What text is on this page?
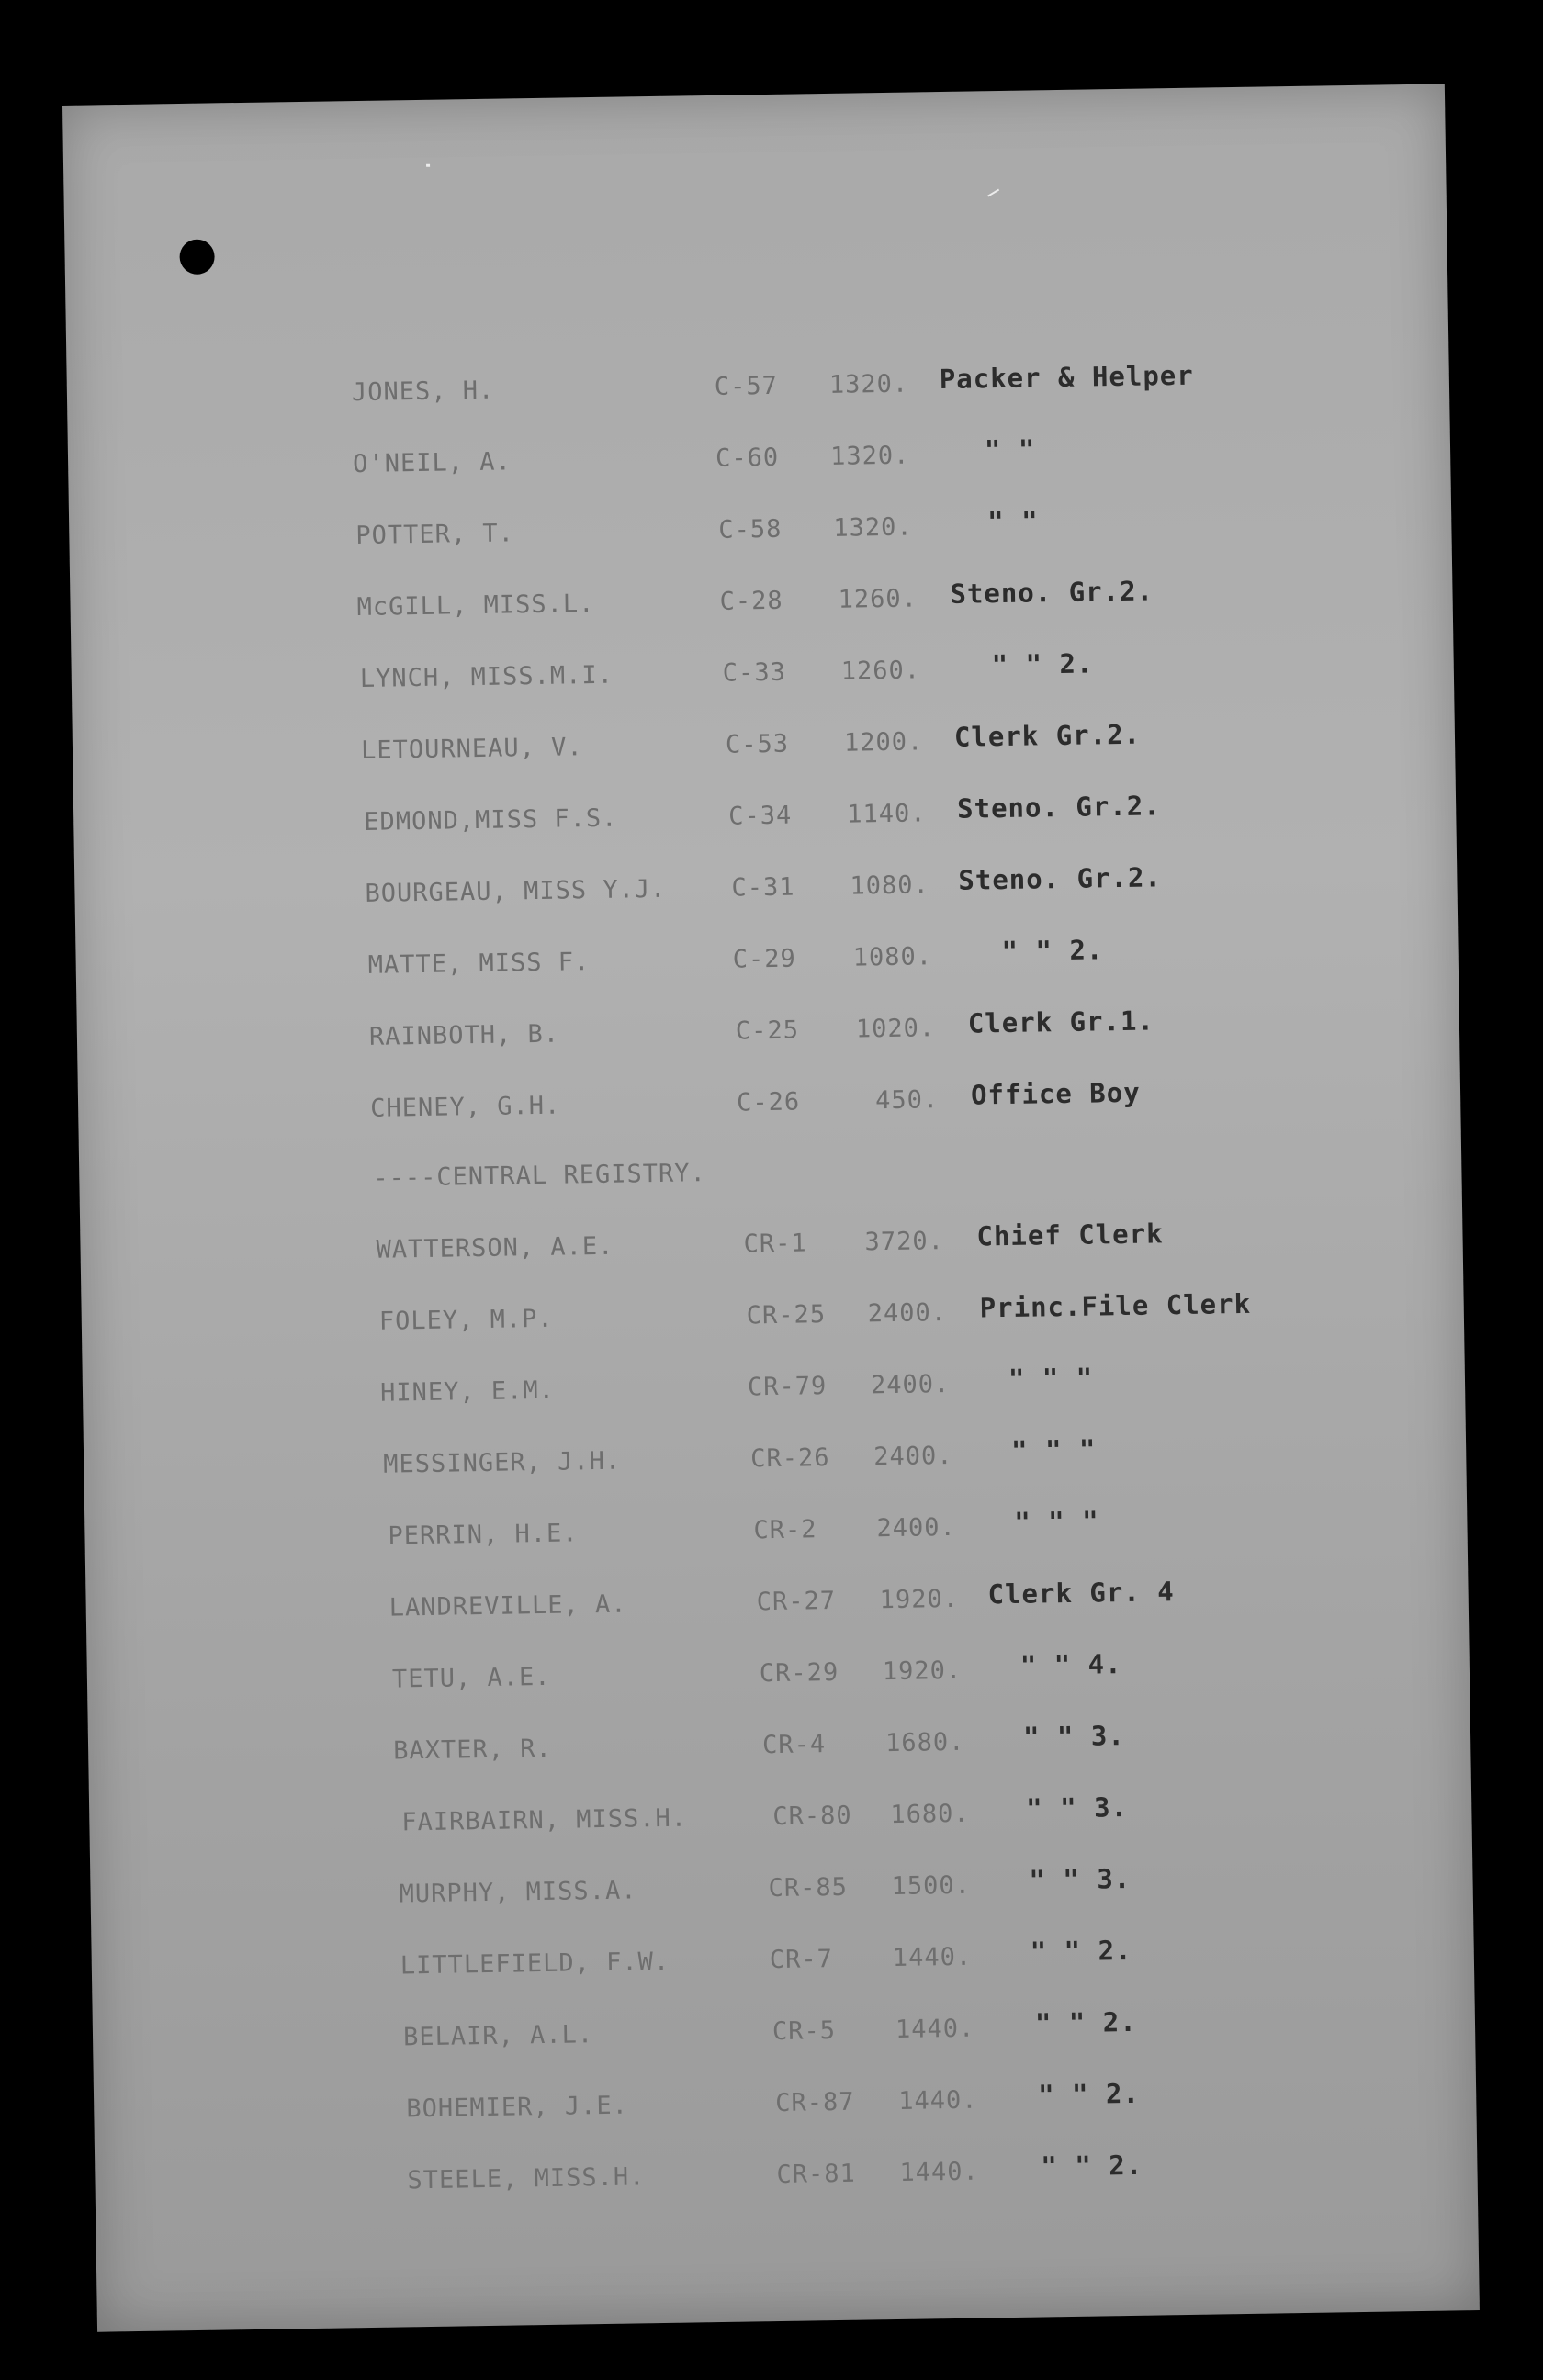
JONES, H.	C-57 1320. Packer & Helper
O'NEIL, A.	C-60 1320.	" "
POTTER, T.	C-58 1320.	" "
McGILL, MISS.L.	C-28 1260. Steno. Gr.2.
LYNCH, MISS.M.I.	C-33 1260.	" " 2.
LETOURNEAU, V.	C-53 1200. Clerk Gr.2.
EDMOND,MISS F.S.	C-34 1140. Steno. Gr.2.
BOURGEAU, MISS Y.J.	C-31 1080. Steno. Gr.2.
MATTE, MISS F.	C-29 1080.	" " 2.
RAINBOTH, B.	C-25 1020. Clerk Gr.1.
CHENEY, G.H.	C-26	450. Office Boy
----CENTRAL REGISTRY.
WATTERSON, A.E.	CR-1 3720. Chief Clerk
FOLEY, M.P.	CR-25 2400. Princ.File Clerk
HINEY, E.M.	CR-79 2400. " " "
MESSINGER, J.H.	CR-26 2400. " " "
PERRIN, H.E.	CR-2 2400. " " "
LANDREVILLE, A.	CR-27 1920. Clerk Gr. 4
TETU, A.E.	CR-29 1920. " " 4.
BAXTER, R.	CR-4 1680. " " 3.
FAIRBAIRN, MISS.H.	CR-80 1680. " " 3.
MURPHY, MISS.A.	CR-85 1500. " " 3.
LITTLEFIELD, F.W.	CR-7 1440. " " 2.
BELAIR, A.L.	CR-5 1440. " " 2.
BOHEMIER, J.E.	CR-87 1440. " " 2.
STEELE, MISS.H.	CR-81 1440. " " 2.
